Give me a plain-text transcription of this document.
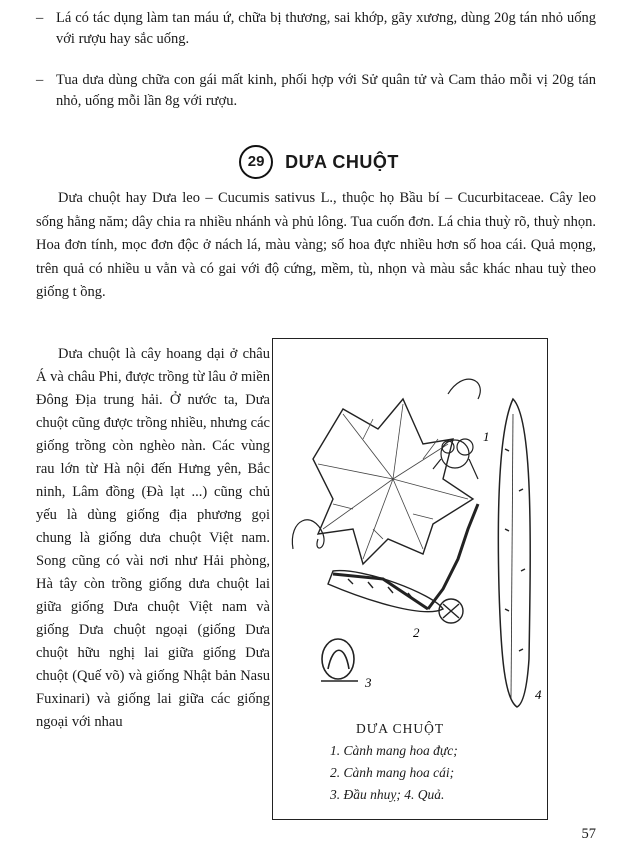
– Lá có tác dụng làm tan máu ứ, chữa bị thương, sai khớp, gãy xương, dùng 20g tán nhỏ uống với rượu hay sắc uống.
– Tua dưa dùng chữa con gái mất kinh, phối hợp với Sử quân tử và Cam thảo mỗi vị 20g tán nhỏ, uống mỗi lần 8g với rượu.
29 DƯA CHUỘT

Dưa chuột hay Dưa leo – Cucumis sativus L., thuộc họ Bầu bí – Cucurbitaceae. Cây leo sống hằng năm; dây chia ra nhiều nhánh và phủ lông. Tua cuốn đơn. Lá chia thuỳ rõ, thuỳ nhọn. Hoa đơn tính, mọc đơn độc ở nách lá, màu vàng; số hoa đực nhiều hơn số hoa cái. Quả mọng, trên quả có nhiều u vằn và có gai với độ cứng, mềm, tù, nhọn và màu sắc khác nhau tuỳ theo giống t ồng.

Dưa chuột là cây hoang dại ở châu Á và châu Phi, được trồng từ lâu ở miền Đông Địa trung hải. Ở nước ta, Dưa chuột cũng được trồng nhiều, nhưng các giống trồng còn nghèo nàn. Các vùng rau lớn từ Hà nội đến Hưng yên, Bắc ninh, Lâm đồng (Đà lạt ...) cũng chủ yếu là dùng giống địa phương gọi chung là giống dưa chuột Việt nam. Song cũng có vài nơi như Hải phòng, Hà tây còn trồng giống dưa chuột lai giữa giống Dưa chuột Việt nam và giống Dưa chuột ngoại (giống Dưa chuột hữu nghị lai giữa giống Dưa chuột (Quế võ) và giống Nhật bản Nasu Fuxinari) và giống lai giữa các giống ngoại với nhau

1
2
3
4
DƯA CHUỘT
1. Cành mang hoa đực;
2. Cành mang hoa cái;
3. Đầu nhuỵ; 4. Quả.
57
